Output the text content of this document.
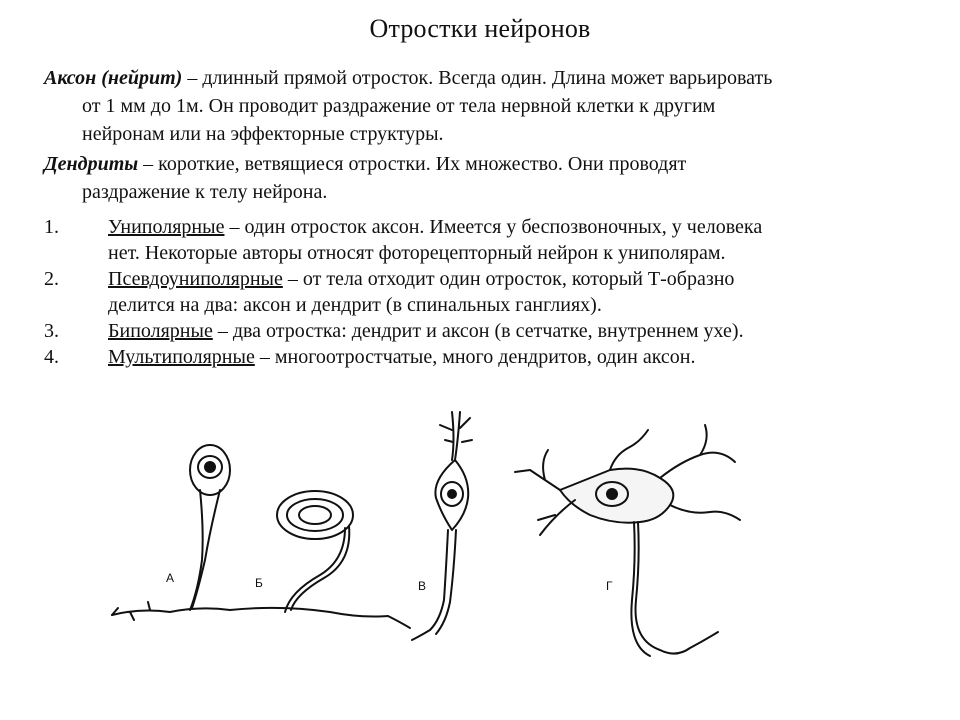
Отростки нейронов
Аксон (нейрит) – длинный прямой отросток. Всегда один. Длина может варьировать
от 1 мм до 1м. Он проводит раздражение от тела нервной клетки к другим
нейронам или на эффекторные структуры.
Дендриты – короткие, ветвящиеся отростки. Их множество. Они проводят
раздражение к телу нейрона.
1. Униполярные – один отросток аксон. Имеется у беспозвоночных, у человека
нет. Некоторые авторы относят фоторецепторный нейрон к униполярам.
2. Псевдоуниполярные – от тела отходит один отросток, который Т-образно
делится на два: аксон и дендрит (в спинальных ганглиях).
3. Биполярные – два отростка: дендрит и аксон (в сетчатке, внутреннем ухе).
4. Мультиполярные – многоотростчатые, много дендритов, один аксон.
А	Б	В	Г
